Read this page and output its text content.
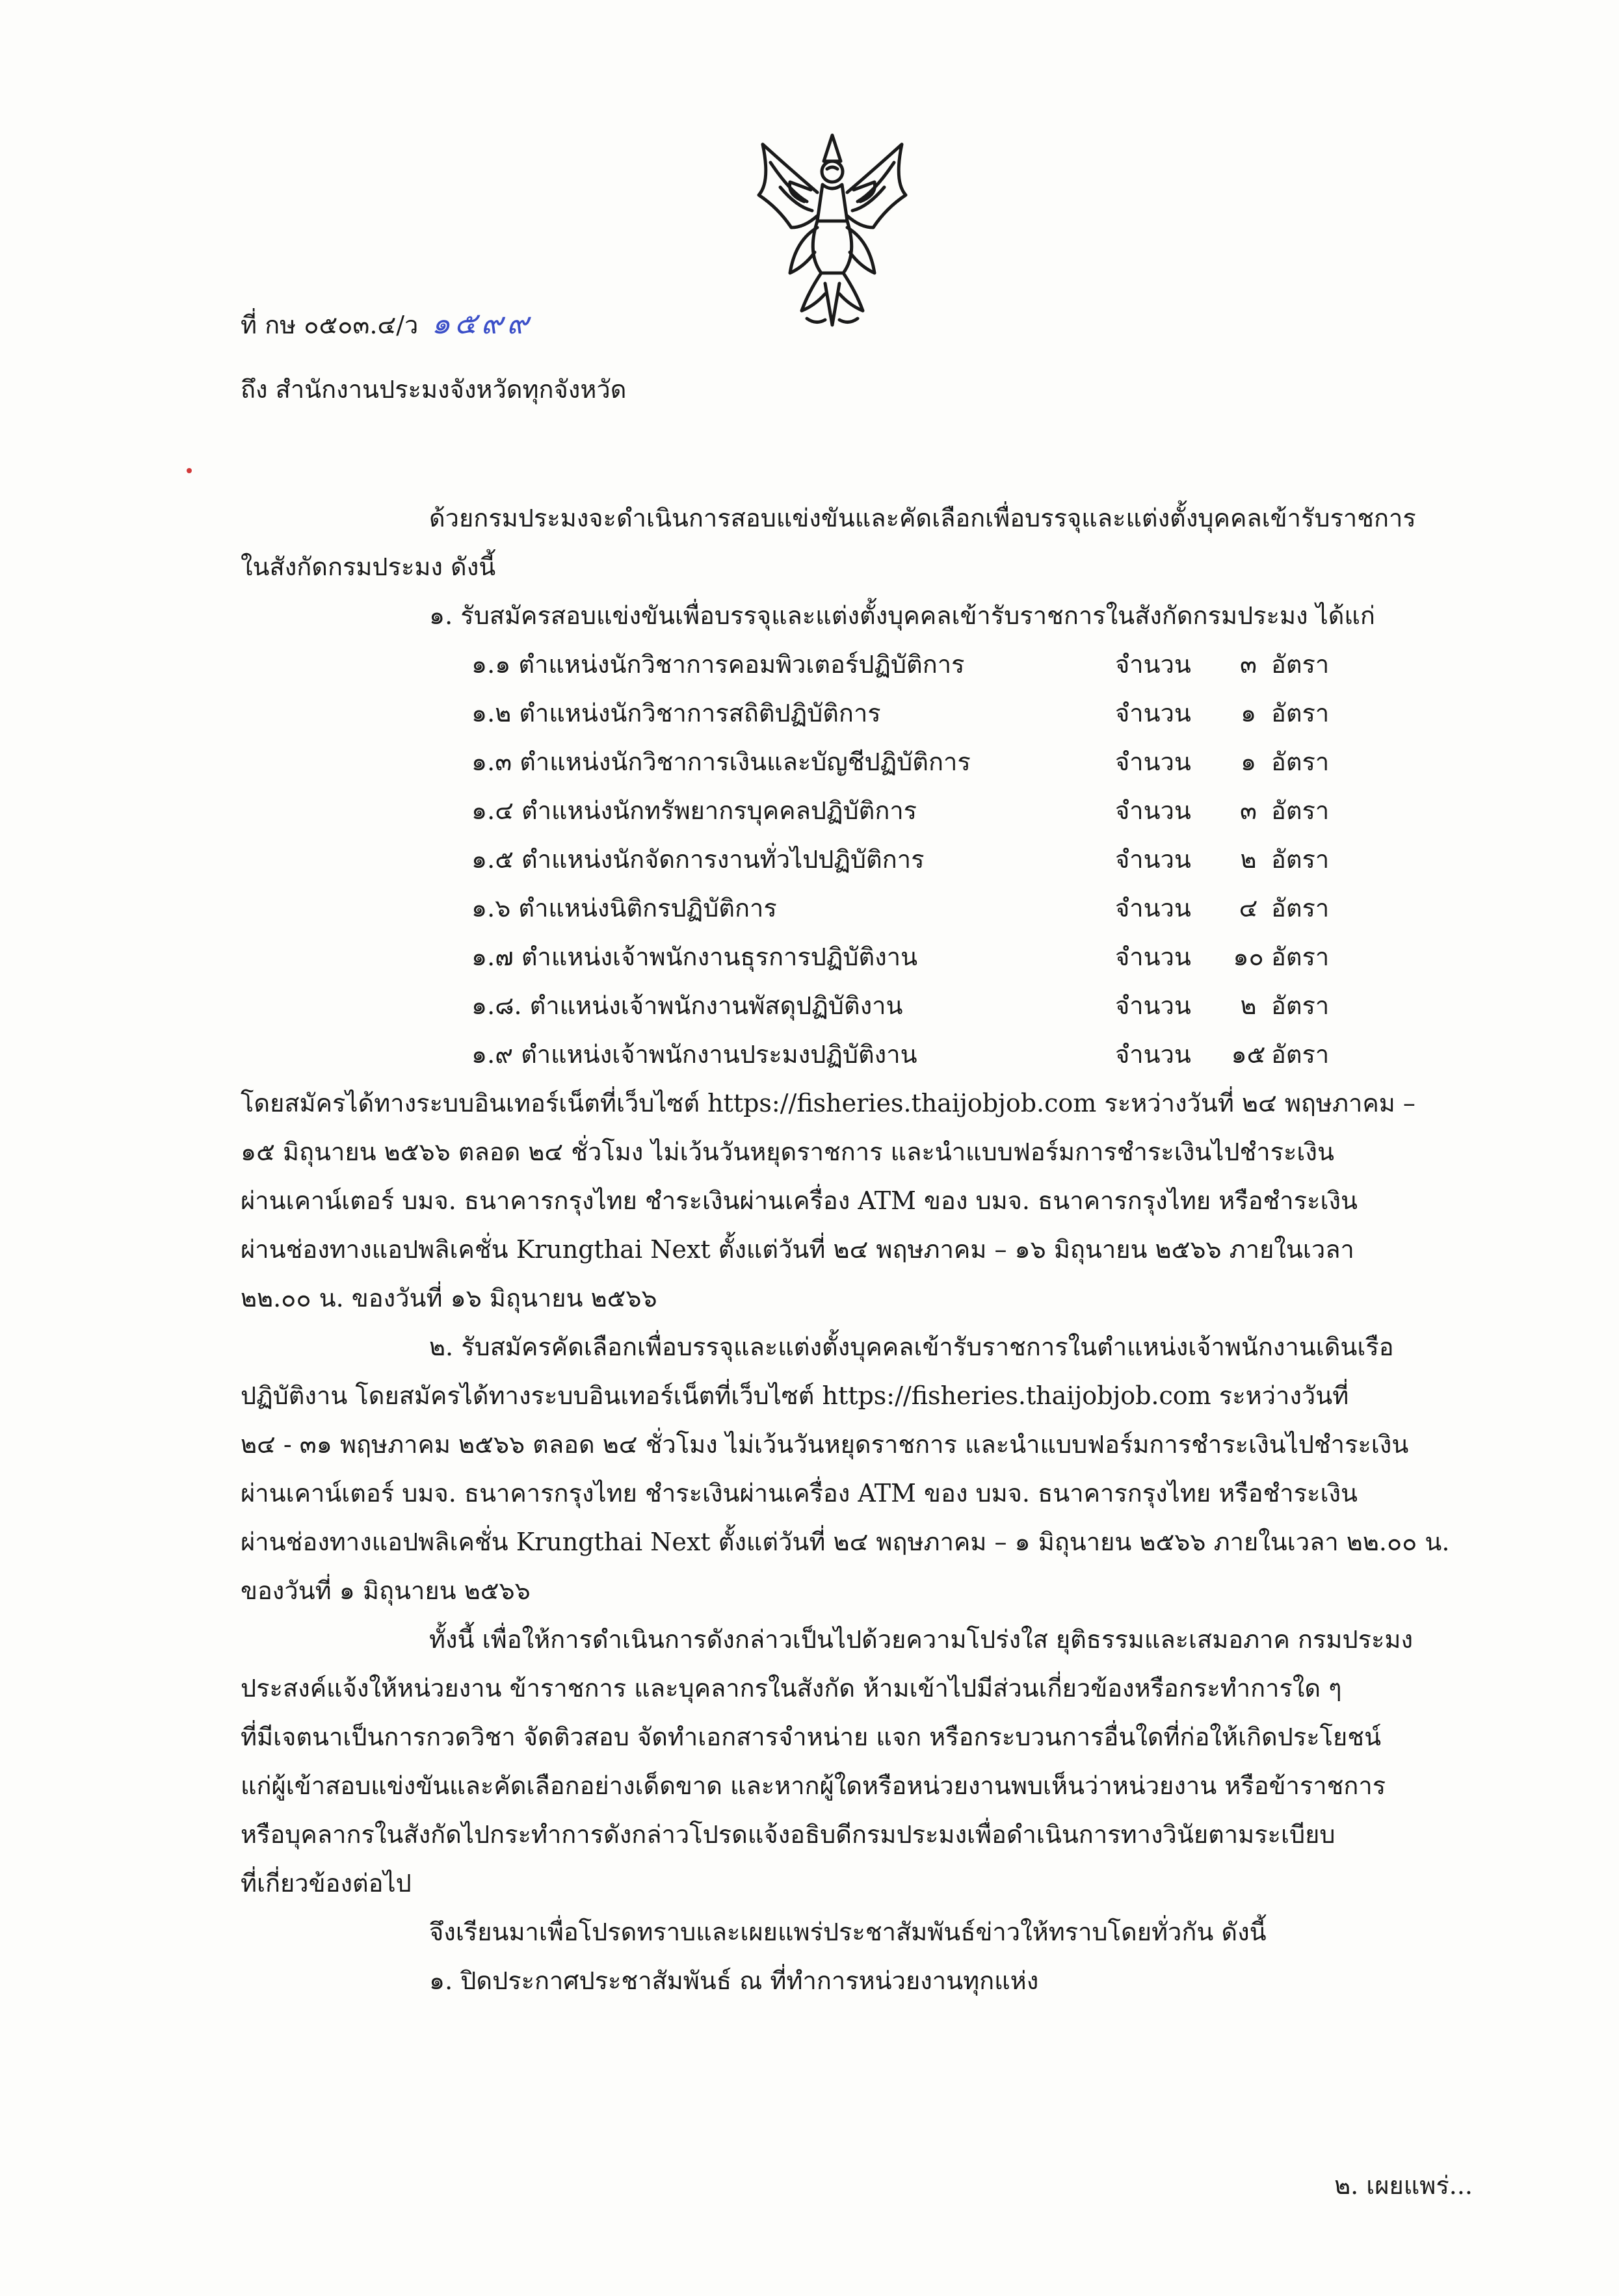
ที่ กษ ๐๕๐๓.๔/ว ๑๕๙๙
ถึง สำนักงานประมงจังหวัดทุกจังหวัด

ด้วยกรมประมงจะดำเนินการสอบแข่งขันและคัดเลือกเพื่อบรรจุและแต่งตั้งบุคคลเข้ารับราชการ

ในสังกัดกรมประมง ดังนี้

๑. รับสมัครสอบแข่งขันเพื่อบรรจุและแต่งตั้งบุคคลเข้ารับราชการในสังกัดกรมประมง ได้แก่

๑.๑ ตำแหน่งนักวิชาการคอมพิวเตอร์ปฏิบัติการ	จำนวน	๓ อัตรา
๑.๒ ตำแหน่งนักวิชาการสถิติปฏิบัติการ	จำนวน	๑ อัตรา
๑.๓ ตำแหน่งนักวิชาการเงินและบัญชีปฏิบัติการ	จำนวน	๑ อัตรา
๑.๔ ตำแหน่งนักทรัพยากรบุคคลปฏิบัติการ	จำนวน	๓ อัตรา
๑.๕ ตำแหน่งนักจัดการงานทั่วไปปฏิบัติการ	จำนวน	๒ อัตรา
๑.๖ ตำแหน่งนิติกรปฏิบัติการ	จำนวน	๔ อัตรา
๑.๗ ตำแหน่งเจ้าพนักงานธุรการปฏิบัติงาน	จำนวน	๑๐ อัตรา
๑.๘. ตำแหน่งเจ้าพนักงานพัสดุปฏิบัติงาน	จำนวน	๒ อัตรา
๑.๙ ตำแหน่งเจ้าพนักงานประมงปฏิบัติงาน	จำนวน	๑๕ อัตรา

โดยสมัครได้ทางระบบอินเทอร์เน็ตที่เว็บไซต์ https://fisheries.thaijobjob.com ระหว่างวันที่ ๒๔ พฤษภาคม –

๑๕ มิถุนายน ๒๕๖๖ ตลอด ๒๔ ชั่วโมง ไม่เว้นวันหยุดราชการ และนำแบบฟอร์มการชำระเงินไปชำระเงิน

ผ่านเคาน์เตอร์ บมจ. ธนาคารกรุงไทย ชำระเงินผ่านเครื่อง ATM ของ บมจ. ธนาคารกรุงไทย หรือชำระเงิน

ผ่านช่องทางแอปพลิเคชั่น Krungthai Next ตั้งแต่วันที่ ๒๔ พฤษภาคม – ๑๖ มิถุนายน ๒๕๖๖ ภายในเวลา

๒๒.๐๐ น. ของวันที่ ๑๖ มิถุนายน ๒๕๖๖

๒. รับสมัครคัดเลือกเพื่อบรรจุและแต่งตั้งบุคคลเข้ารับราชการในตำแหน่งเจ้าพนักงานเดินเรือ

ปฏิบัติงาน โดยสมัครได้ทางระบบอินเทอร์เน็ตที่เว็บไซต์ https://fisheries.thaijobjob.com ระหว่างวันที่

๒๔ - ๓๑ พฤษภาคม ๒๕๖๖ ตลอด ๒๔ ชั่วโมง ไม่เว้นวันหยุดราชการ และนำแบบฟอร์มการชำระเงินไปชำระเงิน

ผ่านเคาน์เตอร์ บมจ. ธนาคารกรุงไทย ชำระเงินผ่านเครื่อง ATM ของ บมจ. ธนาคารกรุงไทย หรือชำระเงิน

ผ่านช่องทางแอปพลิเคชั่น Krungthai Next ตั้งแต่วันที่ ๒๔ พฤษภาคม – ๑ มิถุนายน ๒๕๖๖ ภายในเวลา ๒๒.๐๐ น.

ของวันที่ ๑ มิถุนายน ๒๕๖๖

ทั้งนี้ เพื่อให้การดำเนินการดังกล่าวเป็นไปด้วยความโปร่งใส ยุติธรรมและเสมอภาค กรมประมง

ประสงค์แจ้งให้หน่วยงาน ข้าราชการ และบุคลากรในสังกัด ห้ามเข้าไปมีส่วนเกี่ยวข้องหรือกระทำการใด ๆ

ที่มีเจตนาเป็นการกวดวิชา จัดติวสอบ จัดทำเอกสารจำหน่าย แจก หรือกระบวนการอื่นใดที่ก่อให้เกิดประโยชน์

แก่ผู้เข้าสอบแข่งขันและคัดเลือกอย่างเด็ดขาด และหากผู้ใดหรือหน่วยงานพบเห็นว่าหน่วยงาน หรือข้าราชการ

หรือบุคลากรในสังกัดไปกระทำการดังกล่าวโปรดแจ้งอธิบดีกรมประมงเพื่อดำเนินการทางวินัยตามระเบียบ

ที่เกี่ยวข้องต่อไป

จึงเรียนมาเพื่อโปรดทราบและเผยแพร่ประชาสัมพันธ์ข่าวให้ทราบโดยทั่วกัน ดังนี้

๑. ปิดประกาศประชาสัมพันธ์ ณ ที่ทำการหน่วยงานทุกแห่ง

๒. เผยแพร่...
